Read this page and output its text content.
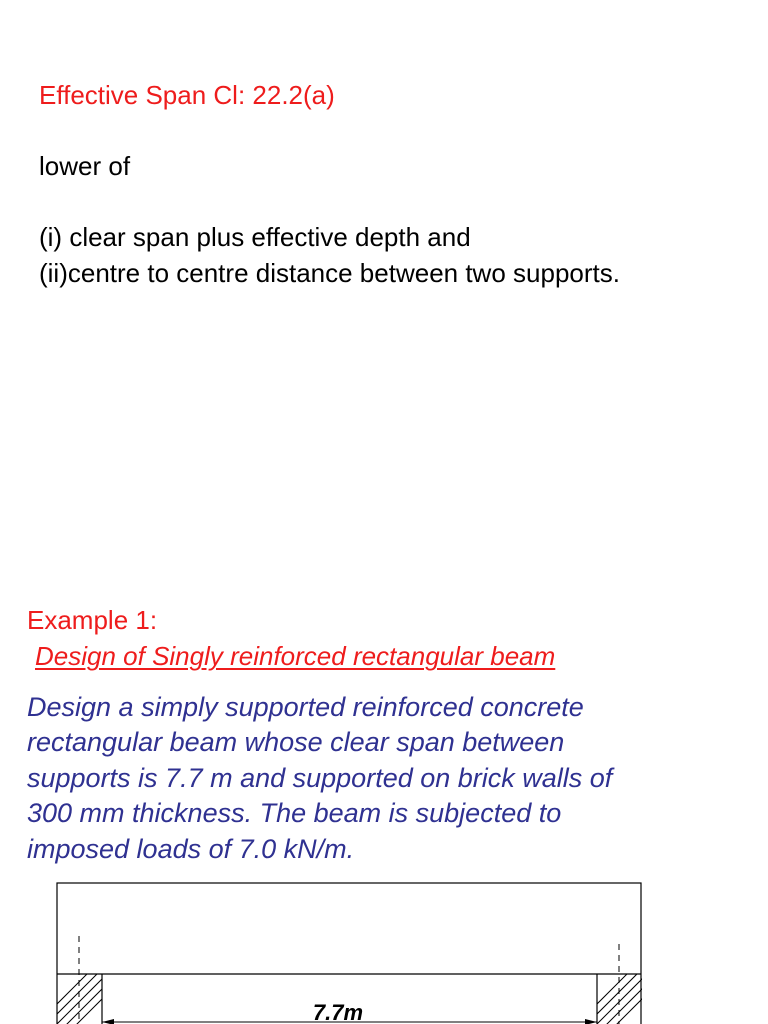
Effective Span Cl: 22.2(a)

lower of

(i) clear span plus effective depth and

(ii)centre to centre distance between two supports.

Example 1:

Design of Singly reinforced rectangular beam

Design a simply supported reinforced concrete

rectangular beam whose clear span between

supports is 7.7 m and supported on brick walls of

300 mm thickness. The beam is subjected to

imposed loads of 7.0 kN/m.

7.7m
